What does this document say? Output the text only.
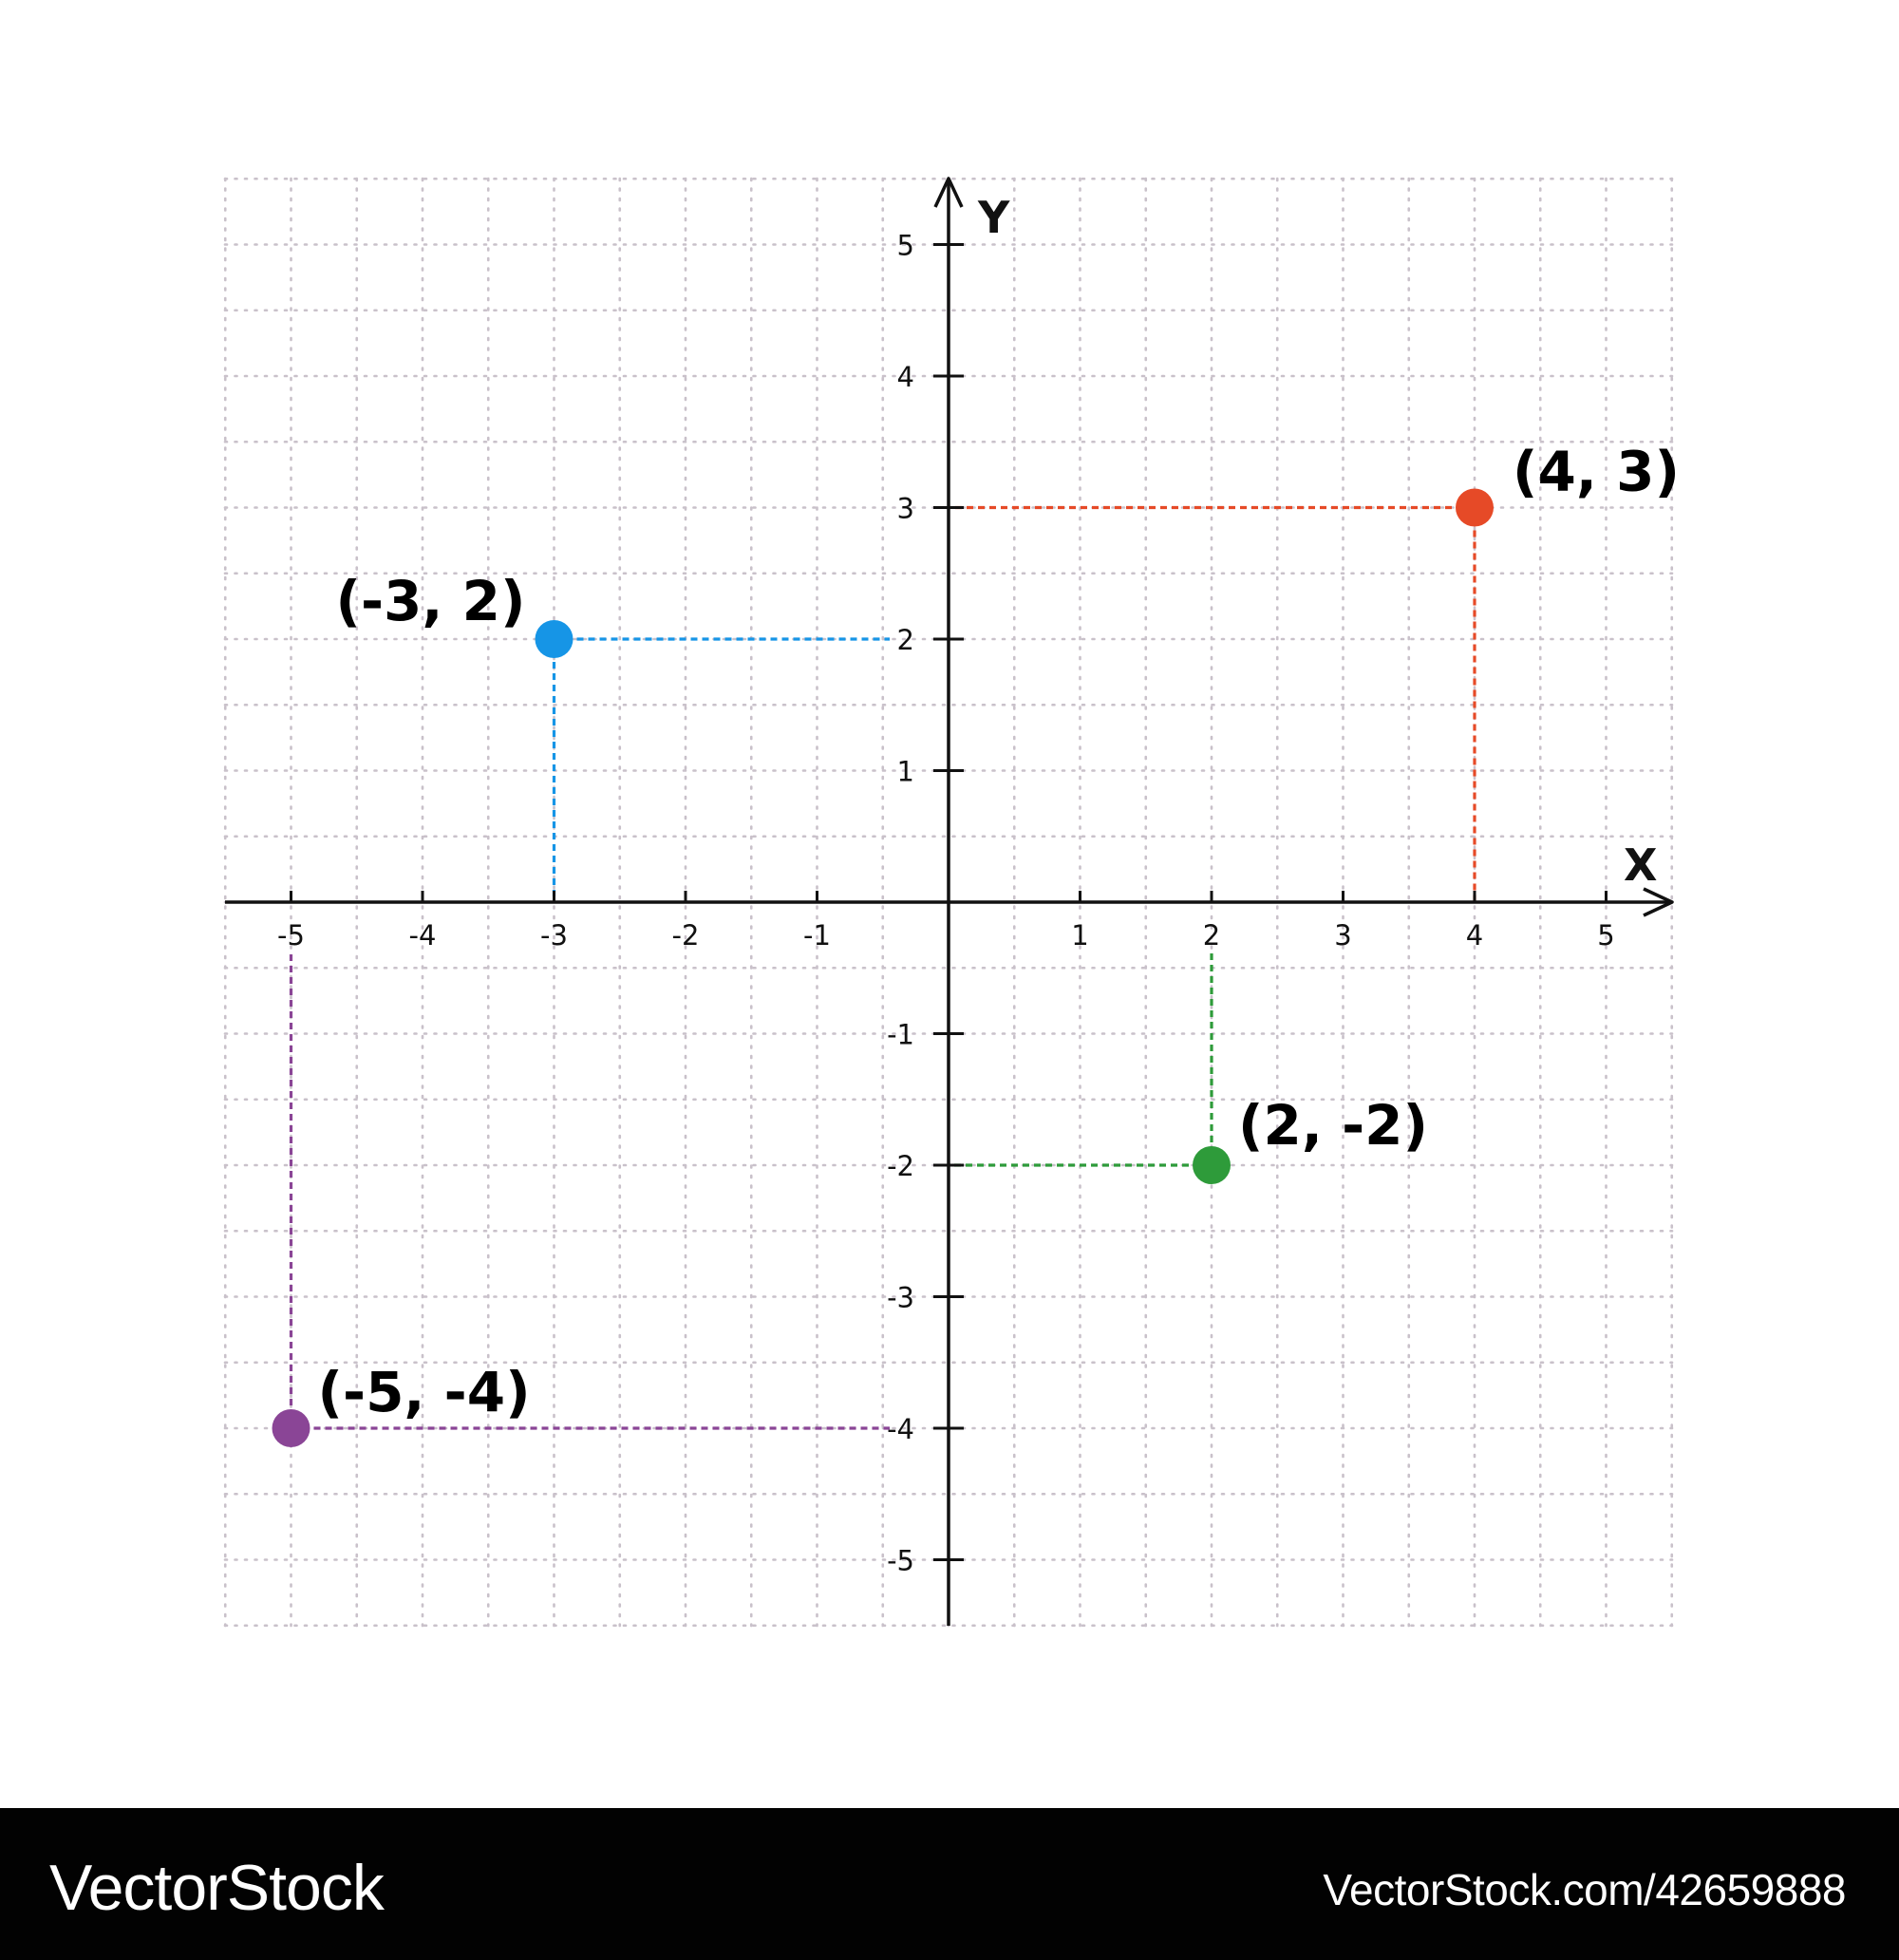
X
Y
-5	-4	-3	-2	-1	1	2	3	4	5
5
4
3
2
1
-1
-2
-3
-4
-5
(4, 3)
(-3, 2)
(2, -2)
(-5, -4)
VectorStock	VectorStock.com/42659888
